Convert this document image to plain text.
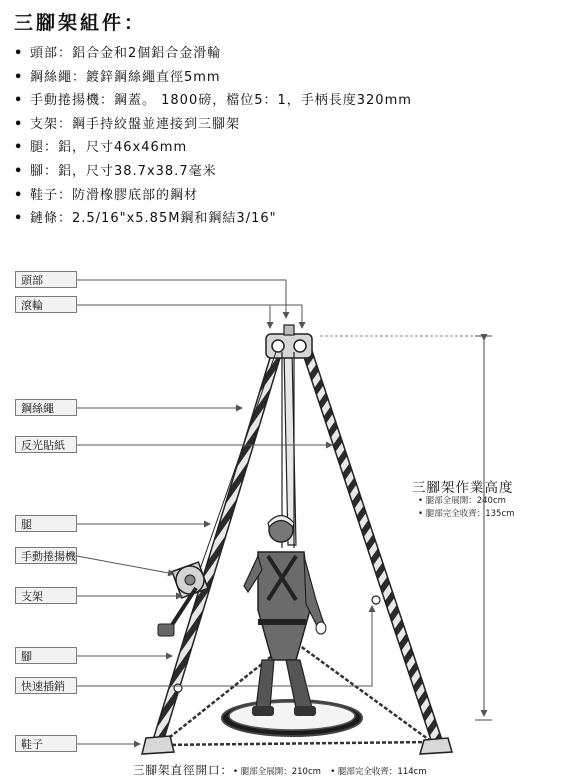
三腳架組件：
• 頭部：鋁合金和2個鋁合金滑輪
• 鋼絲繩：鍍鋅鋼絲繩直徑5mm
• 手動捲揚機：鋼蓋。 1800磅，檔位5：1，手柄長度320mm
• 支架：鋼手持絞盤並連接到三腳架
• 腿：鋁，尺寸46x46mm
• 腳：鋁，尺寸38.7x38.7毫米
• 鞋子：防滑橡膠底部的鋼材
• 鏈條：2.5/16"x5.85M鋼和鋼結3/16"
頭部
滾輪
鋼絲繩
反光貼紙
腿
手動捲揚機
支架
腳
快速插銷
鞋子
三腳架作業高度
• 腿部全展開：240cm
• 腿部完全收齊：135cm
三腳架直徑開口：• 腿部全展開：210cm • 腿部完全收齊：114cm
